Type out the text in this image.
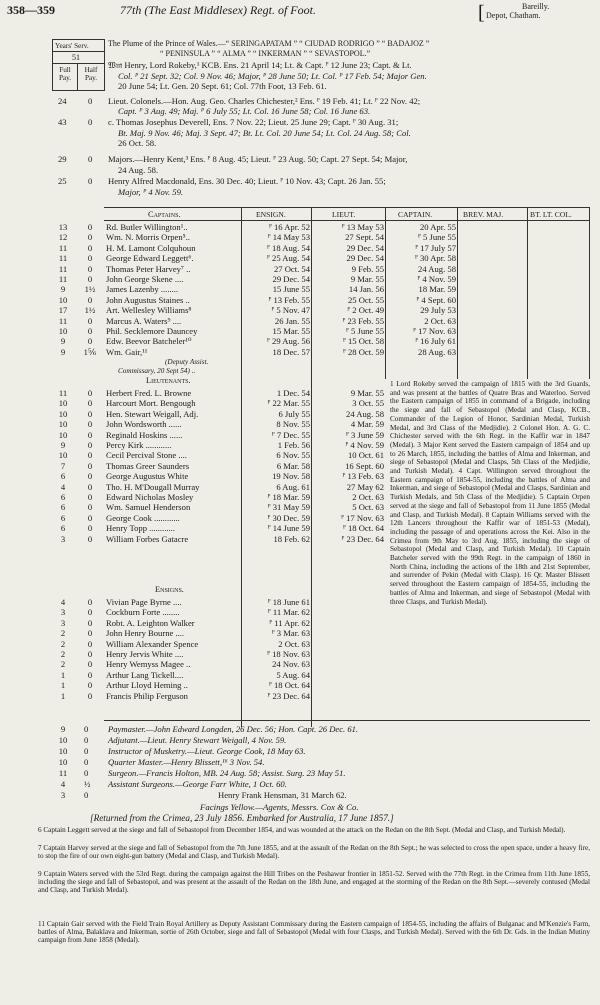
358—359	77th (The East Middlesex) Regt. of Foot.	[	Bareilly.
Depot, Chatham.
Years' Serv.
51
Full Pay.
Half Pay.
The Plume of the Prince of Wales.—“ SERINGAPATAM ” “ CIUDAD RODRIGO ” “ BADAJOZ ”
“ PENINSULA ” “ ALMA ” “ INKERMAN ” “ SEVASTOPOL.”
𝔚𝔪 Henry, Lord Rokeby,¹ KCB. Ens. 21 April 14; Lt. & Capt. ᴾ 12 June 23; Capt. & Lt.
Col. ᴾ 21 Sept. 32; Col. 9 Nov. 46; Major, ᴾ 28 June 50; Lt. Col. ᴾ 17 Feb. 54; Major Gen.
20 June 54; Lt. Gen. 20 Sept. 61; Col. 77th Foot, 13 Feb. 61.
24 0 Lieut. Colonels.—Hon. Aug. Geo. Charles Chichester,² Ens. ᴾ 19 Feb. 41; Lt. ᴾ 22 Nov. 42;
Capt. ᴾ 3 Aug. 49; Maj. ᴾ 6 July 55; Lt. Col. 16 June 58; Col. 16 June 63.
43 0 c. Thomas Josephus Deverell, Ens. 7 Nov. 22; Lieut. 25 June 29; Capt. ᴾ 30 Aug. 31;
Bt. Maj. 9 Nov. 46; Maj. 3 Sept. 47; Bt. Lt. Col. 20 June 54; Lt. Col. 24 Aug. 58; Col.
26 Oct. 58.
29 0 Majors.—Henry Kent,³ Ens. ᴾ 8 Aug. 45; Lieut. ᴾ 23 Aug. 50; Capt. 27 Sept. 54; Major,
24 Aug. 58.
25 0 Henry Alfred Macdonald, Ens. 30 Dec. 40; Lieut. ᴾ 10 Nov. 43; Capt. 26 Jan. 55;
Major, ᴾ 4 Nov. 59.
Captains.	ENSIGN.	LIEUT.	CAPTAIN.	BREV. MAJ.	BT. LT. COL.
13	0	Rd. Butler Willington¹..	ᴾ 16 Apr. 52	ᴾ 13 May 53	20 Apr. 55
12	0	Wm. N. Morris Orpen⁵..	ᴾ 14 May 53	27 Sept. 54	ᴾ 5 June 55
11	0	H. M. Lamont Colquhoun	ᴾ 18 Aug. 54	29 Dec. 54	ᴾ 17 July 57
11	0	George Edward Leggett⁶.	ᴾ 25 Aug. 54	29 Dec. 54	ᴾ 30 Apr. 58
11	0	Thomas Peter Harvey⁷ ..	27 Oct. 54	9 Feb. 55	24 Aug. 58
11	0	John George Skene ....	29 Dec. 54	9 Mar. 55	ᴾ 4 Nov. 59
9	1½	James Lazenby ........	15 June 55	14 Jan. 56	18 Mar. 59
10	0	John Augustus Staines ..	ᴾ 13 Feb. 55	25 Oct. 55	ᴾ 4 Sept. 60
17	1½	Art. Wellesley Williams⁸	ᴾ 5 Nov. 47	ᴾ 2 Oct. 49	29 July 53
11	0	Marcus A. Waters⁹ ....	26 Jan. 55	ᴾ 23 Feb. 55	2 Oct. 63
10	0	Phil. Secklemore Dauncey	15 Mar. 55	ᴾ 5 June 55	ᴾ 17 Nov. 63
9	0	Edw. Beevor Batcheler¹⁰	ᴾ 29 Aug. 56	ᴾ 15 Oct. 58	ᴾ 16 July 61
9	1⅚ Wm. Gair,¹¹	18 Dec. 57	ᴾ 28 Oct. 59	28 Aug. 63
(Deputy Assist.
Commissary, 20 Sept 54) ..
Lieutenants.
11	0	Herbert Fred. L. Browne	1 Dec. 54	9 Mar. 55
10	0	Harcourt Mort. Bengough	ᴾ 22 Mar. 55	3 Oct. 55
10	0	Hen. Stewart Weigall, Adj.	6 July 55	24 Aug. 58
10	0	John Wordsworth ......	8 Nov. 55	4 Mar. 59
10	0	Reginald Hoskins ......	ᴾ 7 Dec. 55	ᴾ 3 June 59
9	0	Percy Kirk ............	1 Feb. 56	ᴾ 4 Nov. 59
10	0	Cecil Percival Stone ....	6 Nov. 55	10 Oct. 61
7	0	Thomas Greer Saunders	6 Mar. 58	16 Sept. 60
6	0	George Augustus White	19 Nov. 58	ᴾ 13 Feb. 63
4	0	Tho. H. M'Dougall Murray	6 Aug. 61	27 May 62
6	0	Edward Nicholas Mosley	ᴾ 18 Mar. 59	2 Oct. 63
6	0	Wm. Samuel Henderson	ᴾ 31 May 59	5 Oct. 63
6	0	George Cook ............	ᴾ 30 Dec. 59	ᴾ 17 Nov. 63
6	0	Henry Topp ............	ᴾ 14 June 59	ᴾ 18 Oct. 64
3	0	William Forbes Gatacre	18 Feb. 62	ᴾ 23 Dec. 64
Ensigns.
4	0	Vivian Page Byrne ....	ᴾ 18 June 61
3	0	Cockburn Forte ........	ᴾ 11 Mar. 62
3	0	Robt. A. Leighton Walker	ᴾ 11 Apr. 62
2	0	John Henry Bourne ....	ᴾ 3 Mar. 63
2	0	William Alexander Spence	2 Oct. 63
2	0	Henry Jervis White ....	ᴾ 18 Nov. 63
2	0	Henry Wemyss Magee ..	24 Nov. 63
1	0	Arthur Lang Tickell....	5 Aug. 64
1	0	Arthur Lloyd Heming ..	ᴾ 18 Oct. 64
1	0	Francis Philip Ferguson	ᴾ 23 Dec. 64
1 Lord Rokeby served the campaign of 1815 with the 3rd Guards, and was present at the battles of Quatre Bras and Waterloo. Served the Eastern campaign of 1855 in command of a Brigade, including the siege and fall of Sebastopol (Medal and Clasp, KCB., Commander of the Legion of Honor, Sardinian Medal, Turkish Medal, and 3rd Class of the Medjidie). 2 Colonel Hon. A. G. C. Chichester served with the 6th Regt. in the Kaffir war in 1847 (Medal). 3 Major Kent served the Eastern campaign of 1854 and up to 26 March, 1855, including the battles of Alma and Inkerman, and siege of Sebastopol (Medal and Clasps, 5th Class of the Medjidie, and Turkish Medal). 4 Capt. Willington served throughout the Eastern campaign of 1854-55, including the battles of Alma and Inkerman, and siege of Sebastopol (Medal and Clasps, Sardinian and Turkish Medals, and 5th Class of the Medjidie). 5 Captain Orpen served at the siege and fall of Sebastopol from 11 June 1855 (Medal and Clasp, and Turkish Medal). 8 Captain Williams served with the 12th Lancers throughout the Kaffir war of 1851-53 (Medal), including the passage of and operations across the Kei. Also in the Crimea from 9th May to 3rd Aug. 1855, including the siege of Sebastopol (Medal and Clasp, and Turkish Medal). 10 Captain Batcheler served with the 99th Regt. in the campaign of 1860 in North China, including the actions of the 18th and 21st September, and surrender of Pekin (Medal with Clasp). 16 Qr. Master Blissett served throughout the Eastern campaign of 1854-55, including the battles of Alma and Inkerman, and siege of Sebastopol (Medal with three Clasps, and Turkish Medal).
9	0 Paymaster.—John Edward Longden, 26 Dec. 56; Hon. Capt. 26 Dec. 61.
10	0 Adjutant.—Lieut. Henry Stewart Weigall, 4 Nov. 59.
10	0 Instructor of Musketry.—Lieut. George Cook, 18 May 63.
10	0 Quarter Master.—Henry Blissett,¹⁶ 3 Nov. 54.
11	0 Surgeon.—Francis Holton, MB. 24 Aug. 58; Assist. Surg. 23 May 51.
4	½ Assistant Surgeons.—George Farr White, 1 Oct. 60.
3	0	Henry Frank Hensman, 31 March 62.
Facings Yellow.—Agents, Messrs. Cox & Co.
[Returned from the Crimea, 23 July 1856. Embarked for Australia, 17 June 1857.]
6 Captain Leggett served at the siege and fall of Sebastopol from December 1854, and was wounded at the attack on the Redan on the 8th Sept. (Medal and Clasp, and Turkish Medal).
7 Captain Harvey served at the siege and fall of Sebastopol from the 7th June 1855, and at the assault of the Redan on the 8th Sept.; he was selected to cross the open space, under a heavy fire, to stop the fire of our own eight-gun battery (Medal and Clasp, and Turkish Medal).
9 Captain Waters served with the 53rd Regt. during the campaign against the Hill Tribes on the Peshawur frontier in 1851-52. Served with the 77th Regt. in the Crimea from 11th June 1855, including the siege and fall of Sebastopol, and was present at the assault of the Redan on the 18th June, and engaged at the storming of the Redan on the 8th Sept.—severely contused (Medal and Clasp, and Turkish Medal).
11 Captain Gair served with the Field Train Royal Artillery as Deputy Assistant Commissary during the Eastern campaign of 1854-55, including the affairs of Bulganac and M'Kenzie's Farm, battles of Alma, Balaklava and Inkerman, sortie of 26th October, siege and fall of Sebastopol (Medal with four Clasps, and Turkish Medal). Served with the 6th Dr. Gds. in the Indian Mutiny campaign from June 1858 (Medal).
